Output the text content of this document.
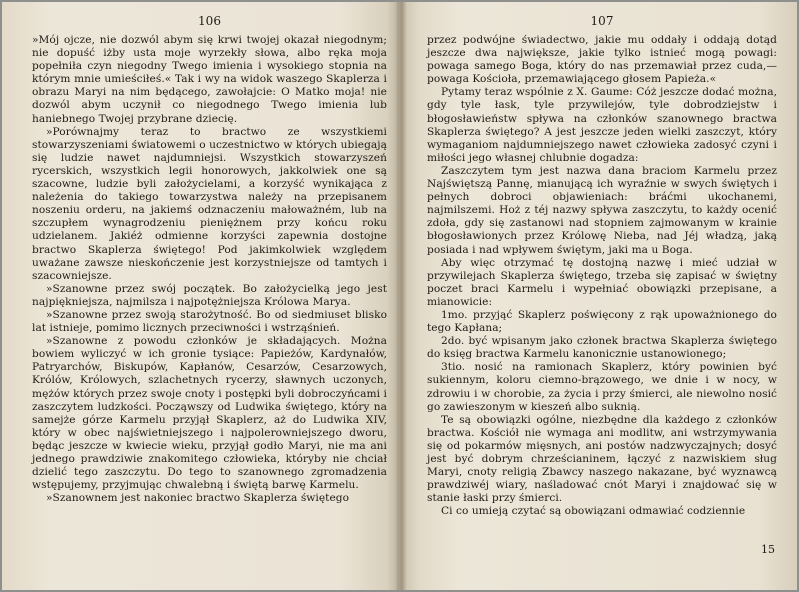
106

»Mój ojcze, nie dozwól abym się krwi twojej okazał niegodnym; nie dopuść iżby usta moje wyrzekły słowa, albo ręka moja popełniła czyn niegodny Twego imienia i wysokiego stopnia na którym mnie umieściłeś.« Tak i wy na widok waszego Skaplerza i obrazu Maryi na nim będącego, zawołajcie: O Matko moja! nie dozwól abym uczynił co niegodnego Twego imienia lub haniebnego Twojej przybrane dziecię.

»Porównajmy teraz to bractwo ze wszystkiemi stowarzyszeniami światowemi o uczestnictwo w których ubiegają się ludzie nawet najdumniejsi. Wszystkich stowarzyszeń rycerskich, wszystkich legii honorowych, jakkolwiek one są szacowne, ludzie byli założycielami, a korzyść wynikająca z należenia do takiego towarzystwa należy na przepisanem noszeniu orderu, na jakiemś odznaczeniu małoważném, lub na szczupłem wynagrodzeniu pieniężnem przy końcu roku udzielanem. Jakiéż odmienne korzyści zapewnia dostojne bractwo Skaplerza świętego! Pod jakimkolwiek względem uważane zawsze nieskończenie jest korzystniejsze od tamtych i szacowniejsze.

»Szanowne przez swój początek. Bo założycielką jego jest najpiękniejsza, najmilsza i najpotężniejsza Królowa Marya.

»Szanowne przez swoją starożytność. Bo od siedmiuset blisko lat istnieje, pomimo licznych przeciwności i wstrząśnień.

»Szanowne z powodu członków je składających. Można bowiem wyliczyć w ich gronie tysiące: Papieżów, Kardynałów, Patryarchów, Biskupów, Kapłanów, Cesarzów, Cesarzowych, Królów, Królowych, szlachetnych rycerzy, sławnych uczonych, mężów których przez swoje cnoty i postępki byli dobroczyńcami i zaszczytem ludzkości. Począwszy od Ludwika świętego, który na samejże górze Karmelu przyjął Skaplerz, aż do Ludwika XIV, który w obec najświetniejszego i najpolerowniejszego dworu, będąc jeszcze w kwiecie wieku, przyjął godło Maryi, nie ma ani jednego prawdziwie znakomitego człowieka, któryby nie chciał dzielić tego zaszczytu. Do tego to szanownego zgromadzenia wstępujemy, przyjmując chwalebną i świętą barwę Karmelu.

»Szanownem jest nakoniec bractwo Skaplerza świętego

107

przez podwójne świadectwo, jakie mu oddały i oddają dotąd jeszcze dwa największe, jakie tylko istnieć mogą powagi: powaga samego Boga, który do nas przemawiał przez cuda,—powaga Kościoła, przemawiającego głosem Papieża.«

Pytamy teraz wspólnie z X. Gaume: Cóż jeszcze dodać można, gdy tyle łask, tyle przywilejów, tyle dobrodziejstw i błogosławieństw spływa na członków szanownego bractwa Skaplerza świętego? A jest jeszcze jeden wielki zaszczyt, który wymaganiom najdumniejszego nawet człowieka zadosyć czyni i miłości jego własnej chlubnie dogadza:

Zaszczytem tym jest nazwa dana braciom Karmelu przez Najświętszą Pannę, mianującą ich wyraźnie w swych świętych i pełnych dobroci objawieniach: bráćmi ukochanemi, najmilszemi. Hoż z téj nazwy spływa zaszczytu, to każdy ocenić zdoła, gdy się zastanowi nad stopniem zajmowanym w krainie błogosławionych przez Królowę Nieba, nad Jéj władzą, jaką posiada i nad wpływem świętym, jaki ma u Boga.

Aby więc otrzymać tę dostojną nazwę i mieć udział w przywilejach Skaplerza świętego, trzeba się zapisać w świętny poczet braci Karmelu i wypełniać obowiązki przepisane, a mianowicie:

1mo. przyjąć Skaplerz poświęcony z rąk upoważnionego do tego Kapłana;

2do. być wpisanym jako członek bractwa Skaplerza świętego do księg bractwa Karmelu kanonicznie ustanowionego;

3tio. nosić na ramionach Skaplerz, który powinien być sukiennym, koloru ciemno-brązowego, we dnie i w nocy, w zdrowiu i w chorobie, za życia i przy śmierci, ale niewolno nosić go zawieszonym w kieszeń albo suknią.

Te są obowiązki ogólne, niezbędne dla każdego z członków bractwa. Kościół nie wymaga ani modlitw, ani wstrzymywania się od pokarmów mięsnych, ani postów nadzwyczajnych; dosyć jest być dobrym chrześcianinem, łączyć z nazwiskiem sług Maryi, cnoty religią Zbawcy naszego nakazane, być wyznawcą prawdziwéj wiary, naśladować cnót Maryi i znajdować się w stanie łaski przy śmierci.

Ci co umieją czytać są obowiązani odmawiać codziennie

15
